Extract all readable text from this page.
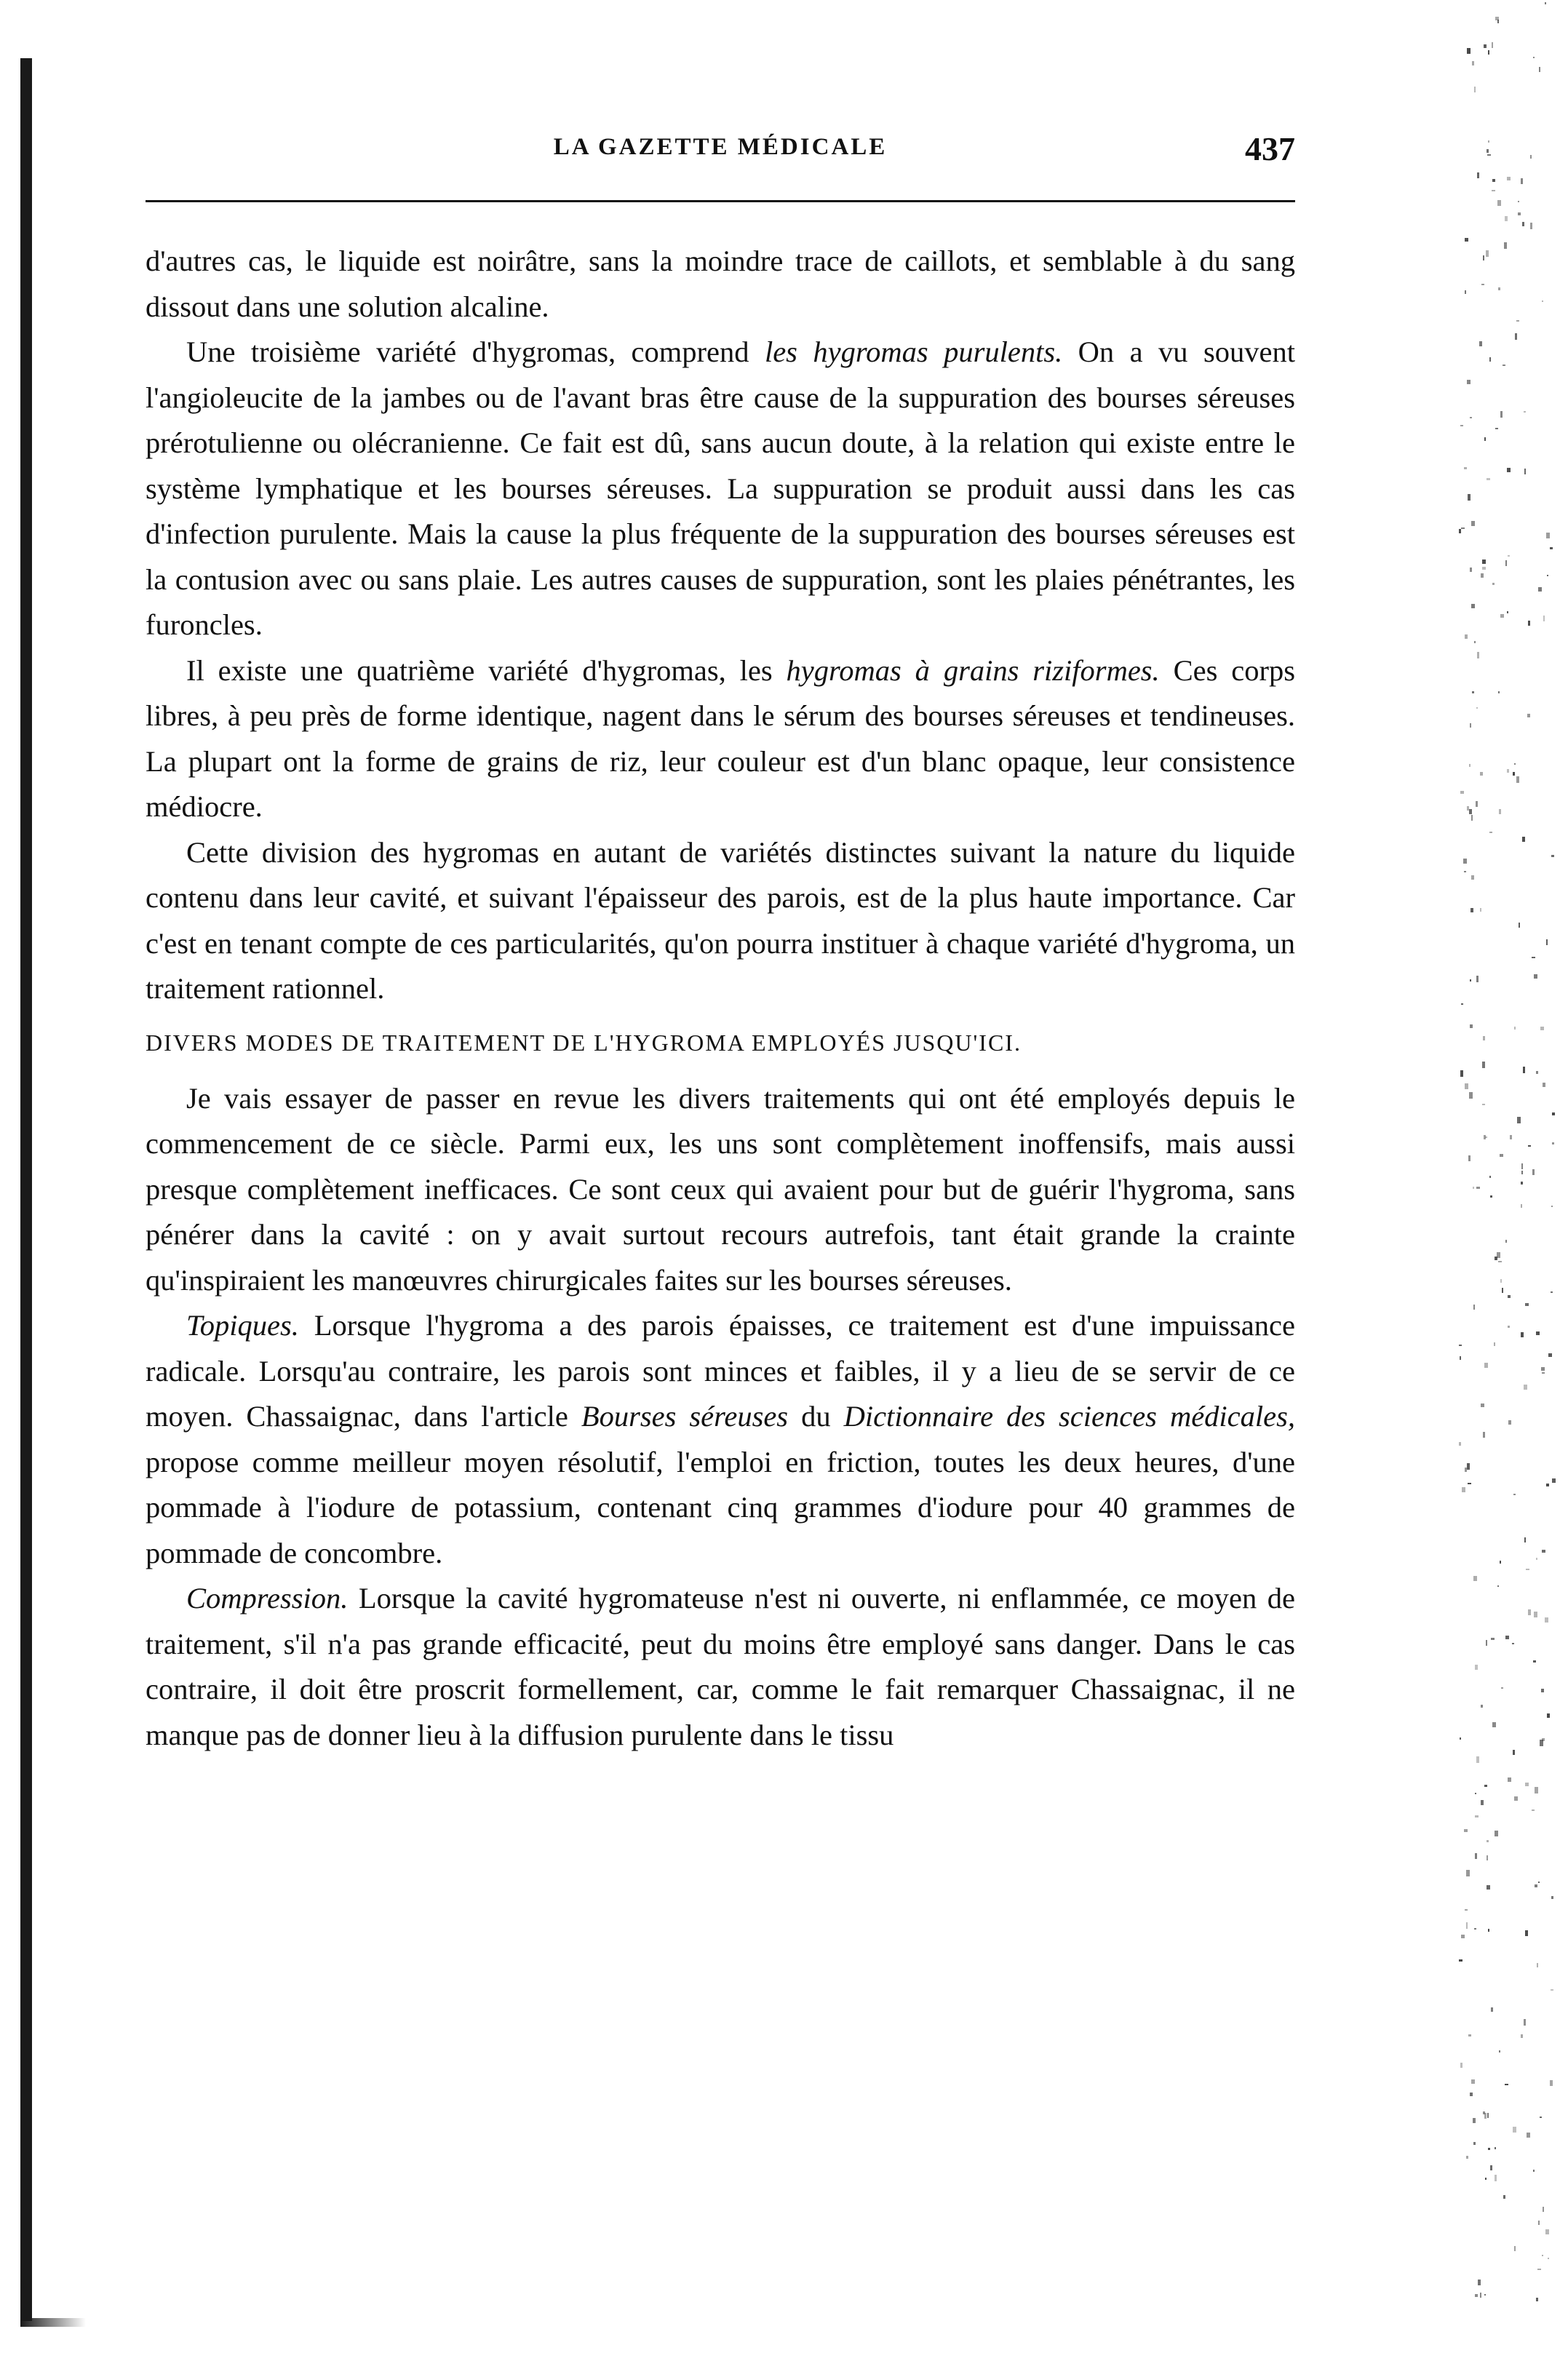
LA GAZETTE MÉDICALE	437

d'autres cas, le liquide est noirâtre, sans la moindre trace de caillots, et semblable à du sang dissout dans une solution alcaline.

Une troisième variété d'hygromas, comprend les hygromas purulents. On a vu souvent l'angioleucite de la jambes ou de l'avant bras être cause de la suppuration des bourses séreuses prérotulienne ou olécranienne. Ce fait est dû, sans aucun doute, à la relation qui existe entre le système lymphatique et les bourses séreuses. La suppuration se produit aussi dans les cas d'infection purulente. Mais la cause la plus fréquente de la suppuration des bourses séreuses est la contusion avec ou sans plaie. Les autres causes de suppuration, sont les plaies pénétrantes, les furoncles.

Il existe une quatrième variété d'hygromas, les hygromas à grains riziformes. Ces corps libres, à peu près de forme identique, nagent dans le sérum des bourses séreuses et tendineuses. La plupart ont la forme de grains de riz, leur couleur est d'un blanc opaque, leur consistence médiocre.

Cette division des hygromas en autant de variétés distinctes suivant la nature du liquide contenu dans leur cavité, et suivant l'épaisseur des parois, est de la plus haute importance. Car c'est en tenant compte de ces particularités, qu'on pourra instituer à chaque variété d'hygroma, un traitement rationnel.

DIVERS MODES DE TRAITEMENT DE L'HYGROMA EMPLOYÉS JUSQU'ICI.

Je vais essayer de passer en revue les divers traitements qui ont été employés depuis le commencement de ce siècle. Parmi eux, les uns sont complètement inoffensifs, mais aussi presque complètement inefficaces. Ce sont ceux qui avaient pour but de guérir l'hygroma, sans pénérer dans la cavité : on y avait surtout recours autrefois, tant était grande la crainte qu'inspiraient les manœuvres chirurgicales faites sur les bourses séreuses.

Topiques. Lorsque l'hygroma a des parois épaisses, ce traitement est d'une impuissance radicale. Lorsqu'au contraire, les parois sont minces et faibles, il y a lieu de se servir de ce moyen. Chassaignac, dans l'article Bourses séreuses du Dictionnaire des sciences médicales, propose comme meilleur moyen résolutif, l'emploi en friction, toutes les deux heures, d'une pommade à l'iodure de potassium, contenant cinq grammes d'iodure pour 40 grammes de pommade de concombre.

Compression. Lorsque la cavité hygromateuse n'est ni ouverte, ni enflammée, ce moyen de traitement, s'il n'a pas grande efficacité, peut du moins être employé sans danger. Dans le cas contraire, il doit être proscrit formellement, car, comme le fait remarquer Chassaignac, il ne manque pas de donner lieu à la diffusion purulente dans le tissu
